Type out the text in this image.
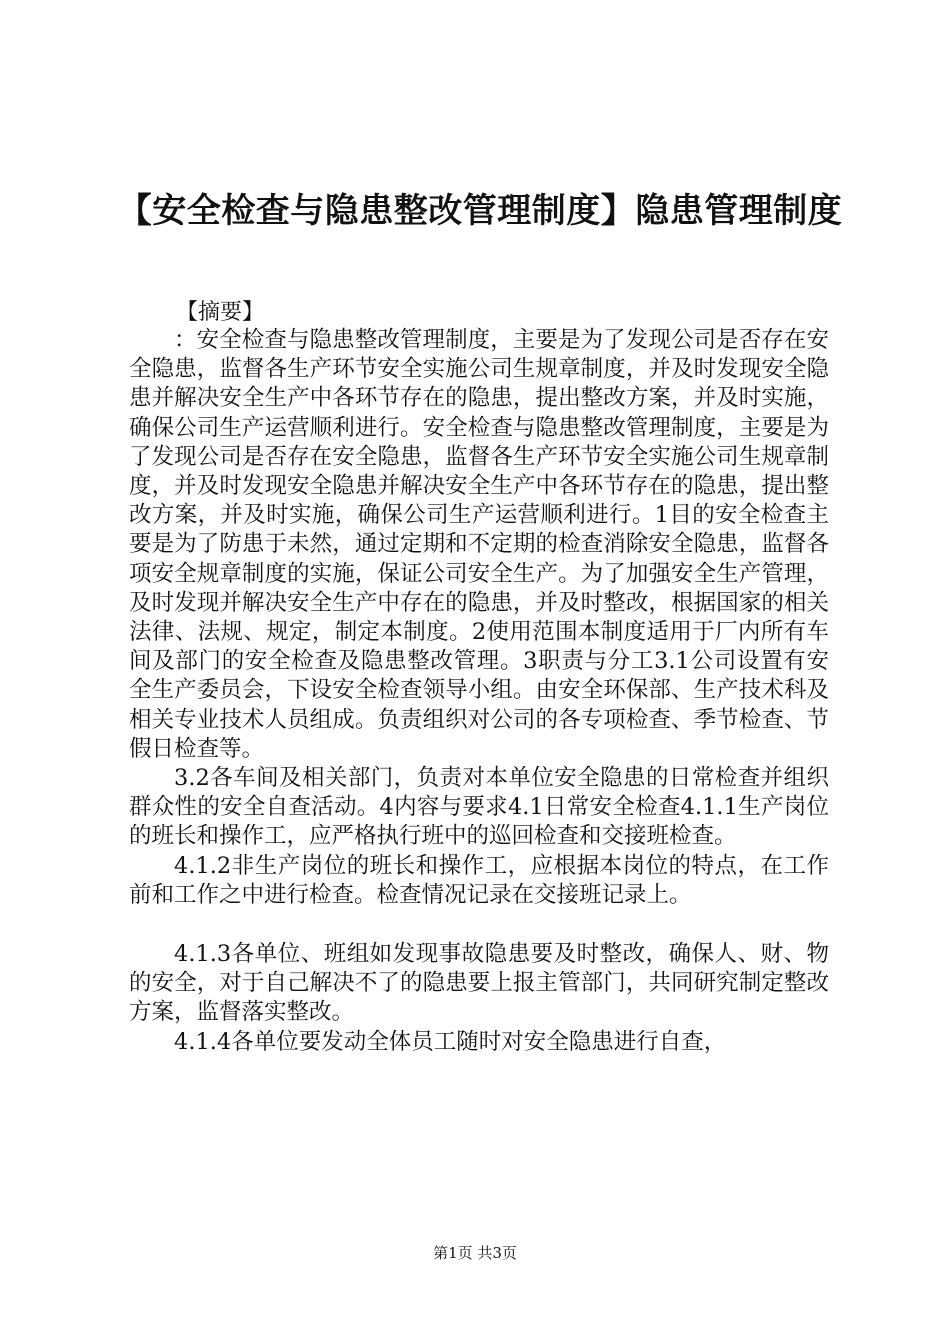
【安全检查与隐患整改管理制度】隐患管理制度
【摘要】

：安全检查与隐患整改管理制度，主要是为了发现公司是否存在安全隐患，监督各生产环节安全实施公司生规章制度，并及时发现安全隐患并解决安全生产中各环节存在的隐患，提出整改方案，并及时实施，确保公司生产运营顺利进行。安全检查与隐患整改管理制度，主要是为了发现公司是否存在安全隐患，监督各生产环节安全实施公司生规章制度，并及时发现安全隐患并解决安全生产中各环节存在的隐患，提出整改方案，并及时实施，确保公司生产运营顺利进行。1目的安全检查主要是为了防患于未然，通过定期和不定期的检查消除安全隐患，监督各项安全规章制度的实施，保证公司安全生产。为了加强安全生产管理，及时发现并解决安全生产中存在的隐患，并及时整改，根据国家的相关法律、法规、规定，制定本制度。2使用范围本制度适用于厂内所有车间及部门的安全检查及隐患整改管理。3职责与分工3.1公司设置有安全生产委员会，下设安全检查领导小组。由安全环保部、生产技术科及相关专业技术人员组成。负责组织对公司的各专项检查、季节检查、节假日检查等。

3.2各车间及相关部门，负责对本单位安全隐患的日常检查并组织群众性的安全自查活动。4内容与要求4.1日常安全检查4.1.1生产岗位的班长和操作工，应严格执行班中的巡回检查和交接班检查。

4.1.2非生产岗位的班长和操作工，应根据本岗位的特点，在工作前和工作之中进行检查。检查情况记录在交接班记录上。

4.1.3各单位、班组如发现事故隐患要及时整改，确保人、财、物的安全，对于自己解决不了的隐患要上报主管部门，共同研究制定整改方案，监督落实整改。

4.1.4各单位要发动全体员工随时对安全隐患进行自查，

第1页 共3页
